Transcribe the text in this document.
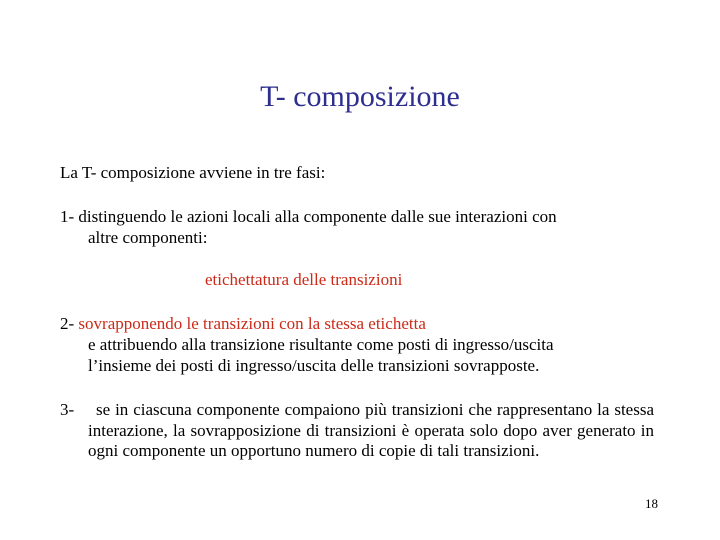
T- composizione
La T- composizione avviene in tre fasi:
1- distinguendo le azioni locali alla componente dalle sue interazioni con
altre componenti:
etichettatura delle transizioni
2- sovrapponendo le transizioni con la stessa etichetta
e attribuendo alla transizione risultante come posti di ingresso/uscita
l’insieme dei posti di ingresso/uscita delle transizioni sovrapposte.
3-	se in ciascuna componente compaiono più transizioni che rappresentano la stessa interazione, la sovrapposizione di transizioni è operata solo dopo aver generato in ogni componente un opportuno numero di copie di tali transizioni.
18
